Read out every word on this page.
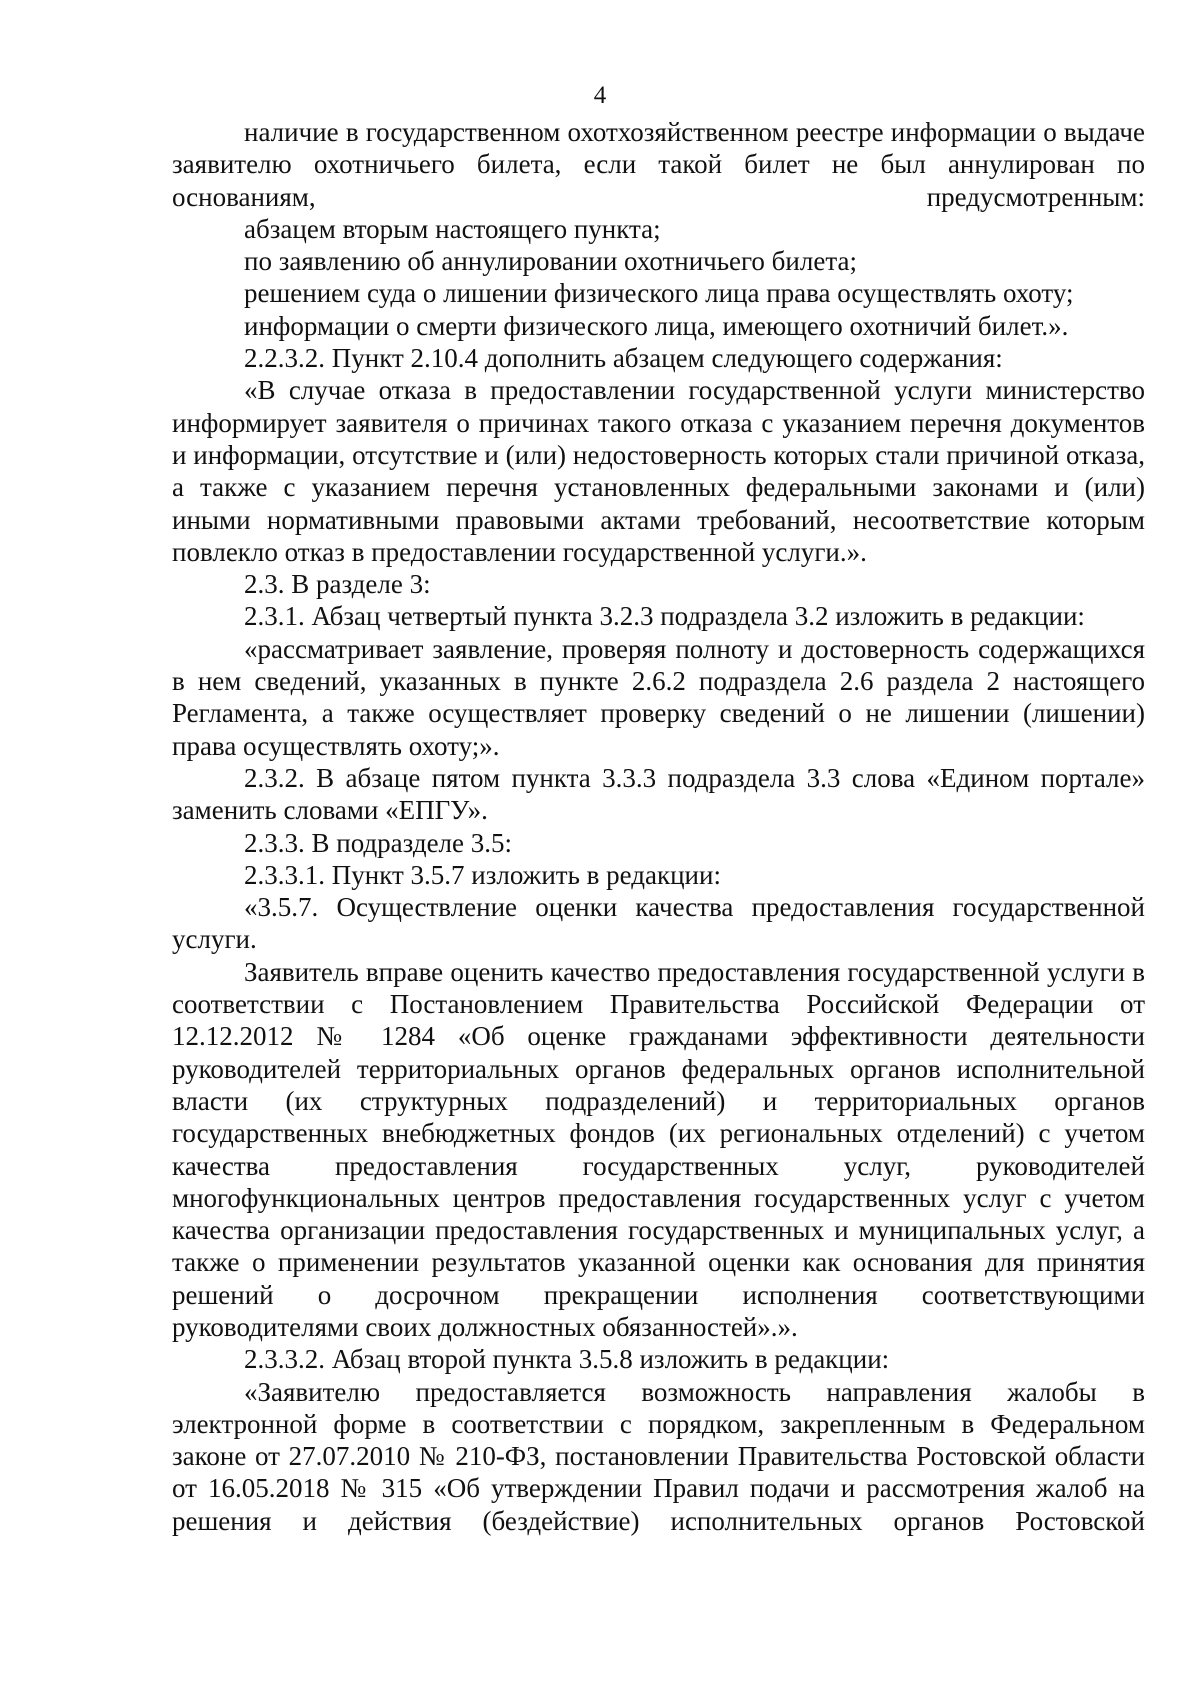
4

наличие в государственном охотхозяйственном реестре информации о выдаче заявителю охотничьего билета, если такой билет не был аннулирован по основаниям, предусмотренным:

абзацем вторым настоящего пункта;

по заявлению об аннулировании охотничьего билета;

решением суда о лишении физического лица права осуществлять охоту;

информации о смерти физического лица, имеющего охотничий билет.».

2.2.3.2. Пункт 2.10.4 дополнить абзацем следующего содержания:

«В случае отказа в предоставлении государственной услуги министерство информирует заявителя о причинах такого отказа с указанием перечня документов и информации, отсутствие и (или) недостоверность которых стали причиной отказа, а также с указанием перечня установленных федеральными законами и (или) иными нормативными правовыми актами требований, несоответствие которым повлекло отказ в предоставлении государственной услуги.».

2.3. В разделе 3:

2.3.1. Абзац четвертый пункта 3.2.3 подраздела 3.2 изложить в редакции:

«рассматривает заявление, проверяя полноту и достоверность содержащихся в нем сведений, указанных в пункте 2.6.2 подраздела 2.6 раздела 2 настоящего Регламента, а также осуществляет проверку сведений о не лишении (лишении) права осуществлять охоту;».

2.3.2. В абзаце пятом пункта 3.3.3 подраздела 3.3 слова «Едином портале» заменить словами «ЕПГУ».

2.3.3. В подразделе 3.5:

2.3.3.1. Пункт 3.5.7 изложить в редакции:

«3.5.7. Осуществление оценки качества предоставления государственной услуги.

Заявитель вправе оценить качество предоставления государственной услуги в соответствии с Постановлением Правительства Российской Федерации от 12.12.2012 № 1284 «Об оценке гражданами эффективности деятельности руководителей территориальных органов федеральных органов исполнительной власти (их структурных подразделений) и территориальных органов государственных внебюджетных фондов (их региональных отделений) с учетом качества предоставления государственных услуг, руководителей многофункциональных центров предоставления государственных услуг с учетом качества организации предоставления государственных и муниципальных услуг, а также о применении результатов указанной оценки как основания для принятия решений о досрочном прекращении исполнения соответствующими руководителями своих должностных обязанностей».».

2.3.3.2. Абзац второй пункта 3.5.8 изложить в редакции:

«Заявителю предоставляется возможность направления жалобы в электронной форме в соответствии с порядком, закрепленным в Федеральном законе от 27.07.2010 № 210-ФЗ, постановлении Правительства Ростовской области от 16.05.2018 № 315 «Об утверждении Правил подачи и рассмотрения жалоб на решения и действия (бездействие) исполнительных органов Ростовской
